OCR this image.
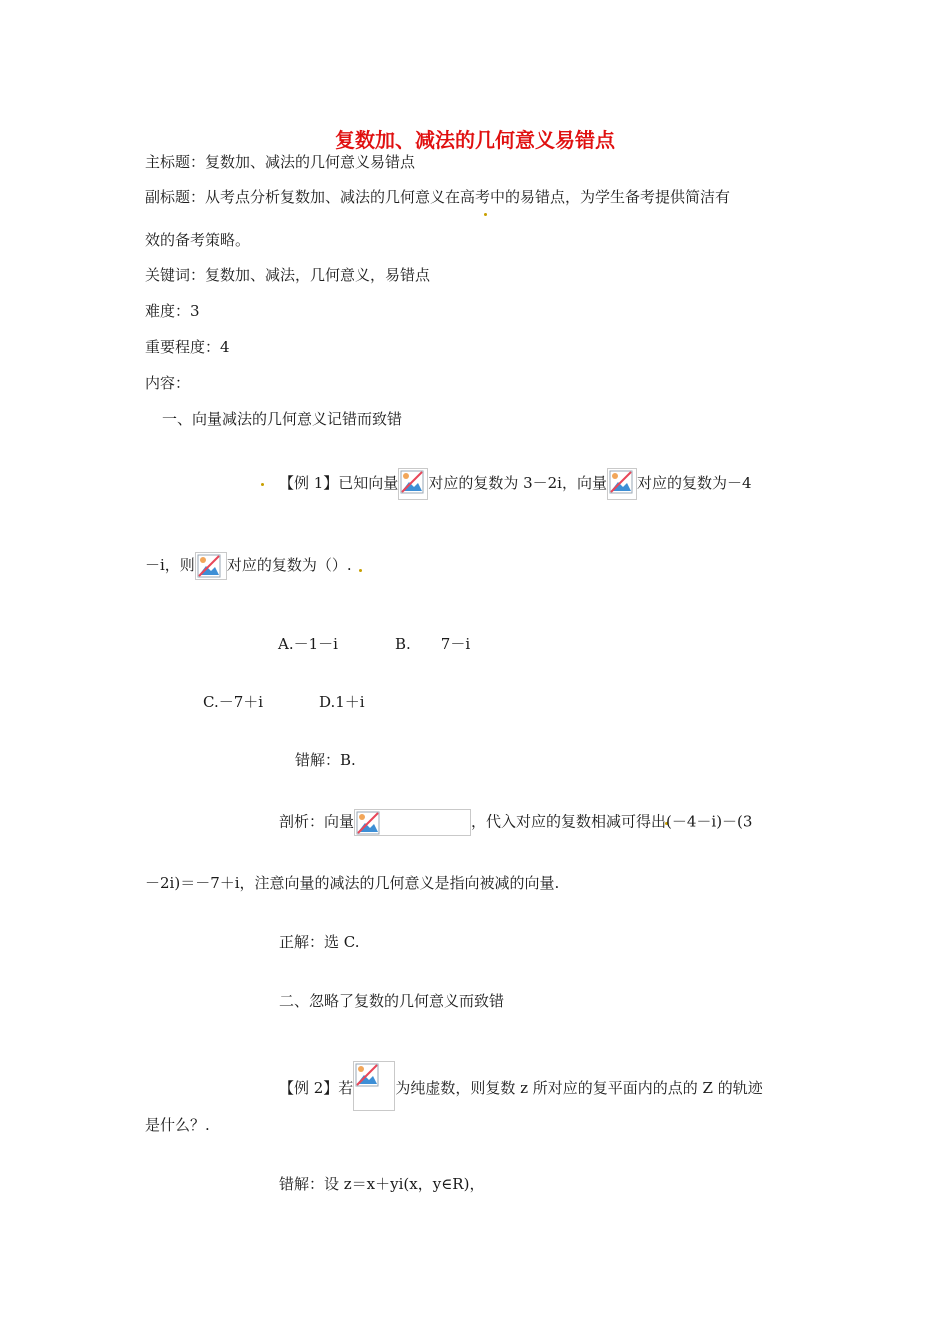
复数加、减法的几何意义易错点
主标题：复数加、减法的几何意义易错点
副标题：从考点分析复数加、减法的几何意义在高考中的易错点，为学生备考提供简洁有
效的备考策略。
关键词：复数加、减法，几何意义，易错点
难度：3
重要程度：4
内容：
一、向量减法的几何意义记错而致错
【例 1】已知向量 对应的复数为 3－2i，向量 对应的复数为－4
－i，则 对应的复数为（）.
A.－1－i	B.　　7－i
C.－7＋i	D.1＋i
错解：B.
剖析：向量	，代入对应的复数相减可得出(－4－i)－(3
－2i)＝－7＋i，注意向量的减法的几何意义是指向被减的向量.
正解：选 C.
二、忽略了复数的几何意义而致错
【例 2】若	为纯虚数，则复数 z 所对应的复平面内的点的 Z 的轨迹
是什么？.
错解：设 z＝x＋yi(x，y∈R)，
